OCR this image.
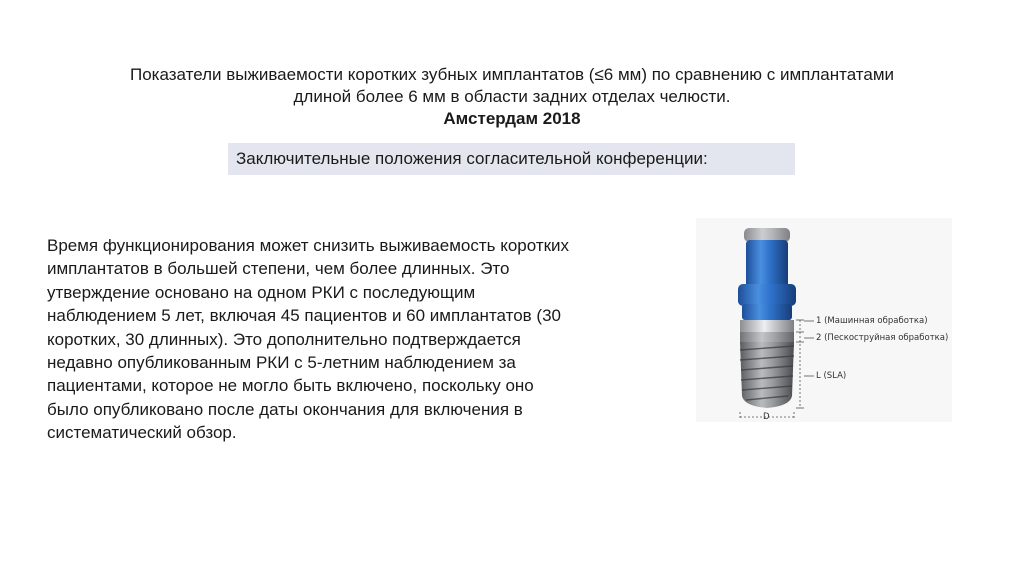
Показатели выживаемости коротких зубных имплантатов (≤6 мм) по сравнению с имплантатами
длиной более 6 мм в области задних отделах челюсти.
Амстердам 2018
Заключительные положения согласительной конференции:
Время функционирования может снизить выживаемость коротких
имплантатов в большей степени, чем более длинных. Это
утверждение основано на одном РКИ с последующим
наблюдением 5 лет, включая 45 пациентов и 60 имплантатов (30
коротких, 30 длинных). Это дополнительно подтверждается
недавно опубликованным РКИ с 5-летним наблюдением за
пациентами, которое не могло быть включено, поскольку оно
было опубликовано после даты окончания для включения в
систематический обзор.
1 (Машинная обработка)
2 (Пескоструйная обработка)
L (SLA)
D
